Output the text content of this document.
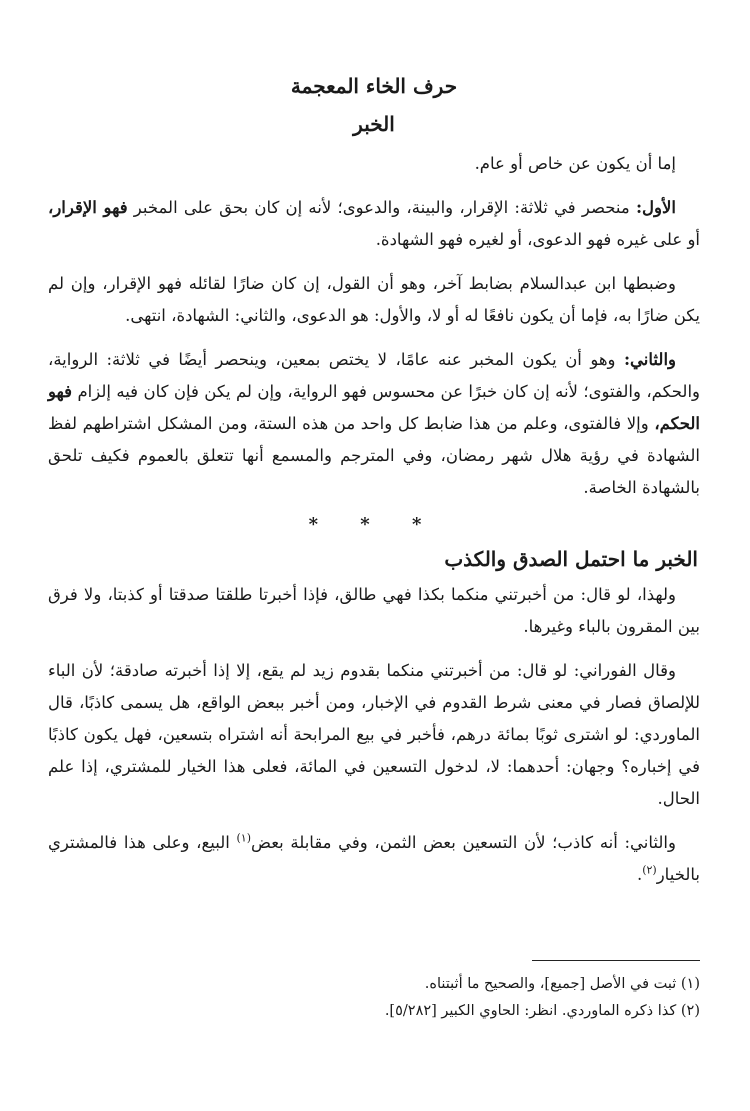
حرف الخاء المعجمة
الخبر

إما أن يكون عن خاص أو عام.

الأول: منحصر في ثلاثة: الإقرار، والبينة، والدعوى؛ لأنه إن كان بحق على المخبر فهو الإقرار، أو على غيره فهو الدعوى، أو لغيره فهو الشهادة.

وضبطها ابن عبدالسلام بضابط آخر، وهو أن القول، إن كان ضارًا لقائله فهو الإقرار، وإن لم يكن ضارًا به، فإما أن يكون نافعًا له أو لا، والأول: هو الدعوى، والثاني: الشهادة، انتهى.

والثاني: وهو أن يكون المخبر عنه عامًا، لا يختص بمعين، وينحصر أيضًا في ثلاثة: الرواية، والحكم، والفتوى؛ لأنه إن كان خبرًا عن محسوس فهو الرواية، وإن لم يكن فإن كان فيه إلزام فهو الحكم، وإلا فالفتوى، وعلم من هذا ضابط كل واحد من هذه الستة، ومن المشكل اشتراطهم لفظ الشهادة في رؤية هلال شهر رمضان، وفي المترجم والمسمع أنها تتعلق بالعموم فكيف تلحق بالشهادة الخاصة.

* * *
الخبر ما احتمل الصدق والكذب

ولهذا، لو قال: من أخبرتني منكما بكذا فهي طالق، فإذا أخبرتا طلقتا صدقتا أو كذبتا، ولا فرق بين المقرون بالباء وغيرها.

وقال الفوراني: لو قال: من أخبرتني منكما بقدوم زيد لم يقع، إلا إذا أخبرته صادقة؛ لأن الباء للإلصاق فصار في معنى شرط القدوم في الإخبار، ومن أخبر ببعض الواقع، هل يسمى كاذبًا، قال الماوردي: لو اشترى ثوبًا بمائة درهم، فأخبر في بيع المرابحة أنه اشتراه بتسعين، فهل يكون كاذبًا في إخباره؟ وجهان: أحدهما: لا، لدخول التسعين في المائة، فعلى هذا الخيار للمشتري، إذا علم الحال.

والثاني: أنه كاذب؛ لأن التسعين بعض الثمن، وفي مقابلة بعض$^{(١)}$ البيع، وعلى هذا فالمشتري بالخيار$^{(٢)}$.

(١) ثبت في الأصل [جميع]، والصحيح ما أثبتناه.

(٢) كذا ذكره الماوردي. انظر: الحاوي الكبير [٥/٢٨٢].
